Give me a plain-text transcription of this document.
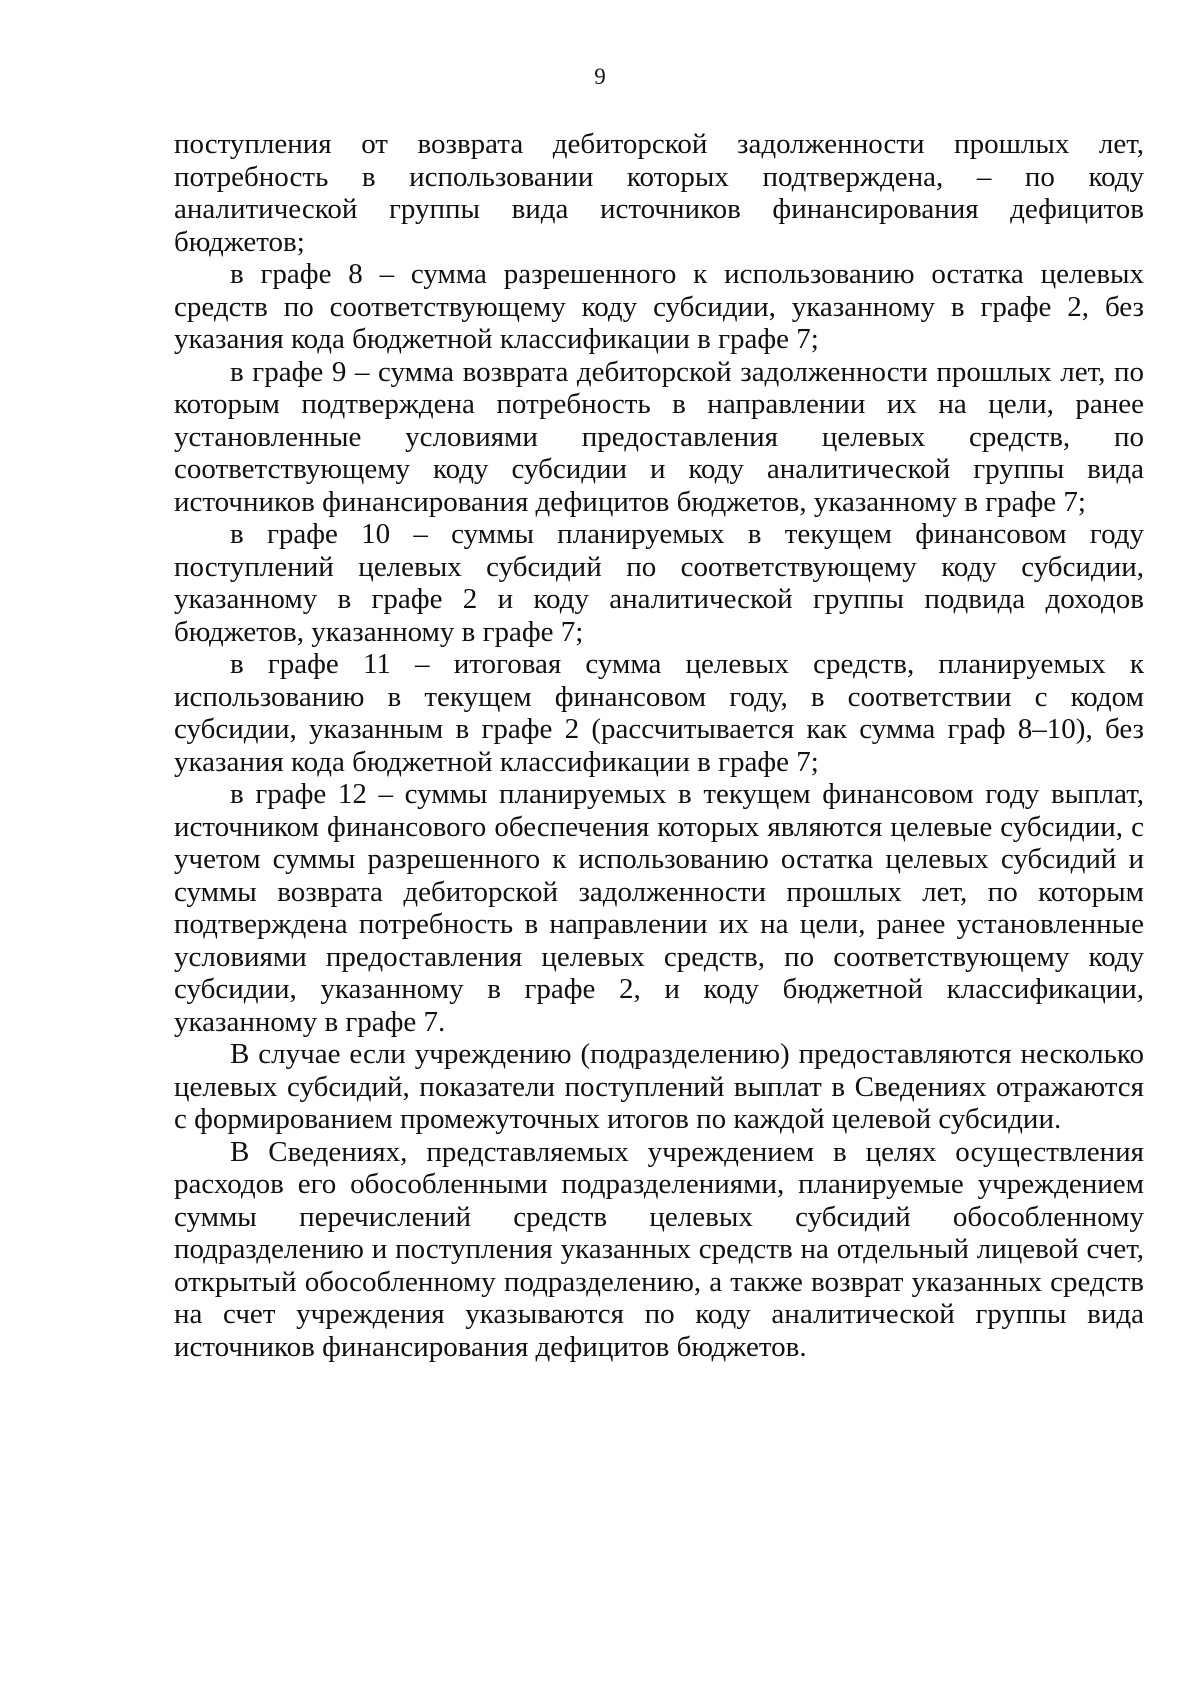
9

поступления от возврата дебиторской задолженности прошлых лет, потребность в использовании которых подтверждена, – по коду аналитической группы вида источников финансирования дефицитов бюджетов;

в графе 8 – сумма разрешенного к использованию остатка целевых средств по соответствующему коду субсидии, указанному в графе 2, без указания кода бюджетной классификации в графе 7;

в графе 9 – сумма возврата дебиторской задолженности прошлых лет, по которым подтверждена потребность в направлении их на цели, ранее установленные условиями предоставления целевых средств, по соответствующему коду субсидии и коду аналитической группы вида источников финансирования дефицитов бюджетов, указанному в графе 7;

в графе 10 – суммы планируемых в текущем финансовом году поступлений целевых субсидий по соответствующему коду субсидии, указанному в графе 2 и коду аналитической группы подвида доходов бюджетов, указанному в графе 7;

в графе 11 – итоговая сумма целевых средств, планируемых к использованию в текущем финансовом году, в соответствии с кодом субсидии, указанным в графе 2 (рассчитывается как сумма граф 8–10), без указания кода бюджетной классификации в графе 7;

в графе 12 – суммы планируемых в текущем финансовом году выплат, источником финансового обеспечения которых являются целевые субсидии, с учетом суммы разрешенного к использованию остатка целевых субсидий и суммы возврата дебиторской задолженности прошлых лет, по которым подтверждена потребность в направлении их на цели, ранее установленные условиями предоставления целевых средств, по соответствующему коду субсидии, указанному в графе 2, и коду бюджетной классификации, указанному в графе 7.

В случае если учреждению (подразделению) предоставляются несколько целевых субсидий, показатели поступлений выплат в Сведениях отражаются с формированием промежуточных итогов по каждой целевой субсидии.

В Сведениях, представляемых учреждением в целях осуществления расходов его обособленными подразделениями, планируемые учреждением суммы перечислений средств целевых субсидий обособленному подразделению и поступления указанных средств на отдельный лицевой счет, открытый обособленному подразделению, а также возврат указанных средств на счет учреждения указываются по коду аналитической группы вида источников финансирования дефицитов бюджетов.
